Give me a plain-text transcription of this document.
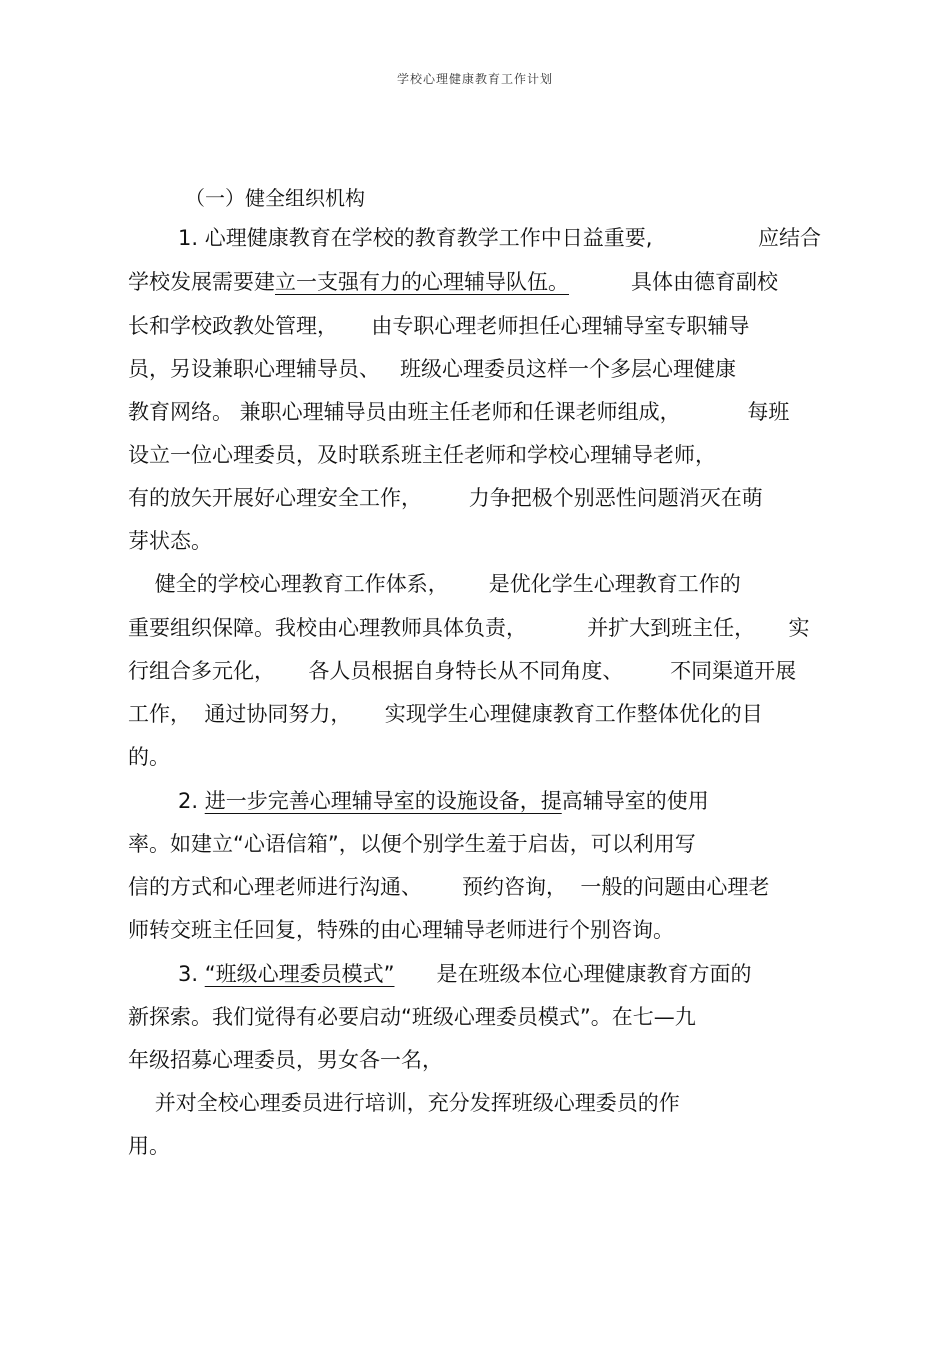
学校心理健康教育工作计划
（一）健全组织机构
1. 心理健康教育在学校的教育教学工作中日益重要,	应结合
学校发展需要建立一支强有力的心理辅导队伍。	具体由德育副校
长和学校政教处管理，     由专职心理老师担任心理辅导室专职辅导
员，另设兼职心理辅导员、   班级心理委员这样一个多层心理健康
教育网络。 兼职心理辅导员由班主任老师和任课老师组成，          每班
设立一位心理委员，及时联系班主任老师和学校心理辅导老师，
有的放矢开展好心理安全工作，       力争把极个别恶性问题消灭在萌
芽状态。
健全的学校心理教育工作体系，      是优化学生心理教育工作的
重要组织保障。我校由心理教师具体负责，         并扩大到班主任，     实
行组合多元化，     各人员根据自身特长从不同角度、       不同渠道开展
工作，  通过协同努力，     实现学生心理健康教育工作整体优化的目
的。
2. 进一步完善心理辅导室的设施设备，提高辅导室的使用
率。如建立“心语信箱”，以便个别学生羞于启齿，可以利用写
信的方式和心理老师进行沟通、      预约咨询，  一般的问题由心理老
师转交班主任回复，特殊的由心理辅导老师进行个别咨询。
3. “班级心理委员模式” 是在班级本位心理健康教育方面的
新探索。我们觉得有必要启动“班级心理委员模式”。在七—九
年级招募心理委员，男女各一名，
并对全校心理委员进行培训，充分发挥班级心理委员的作
用。
